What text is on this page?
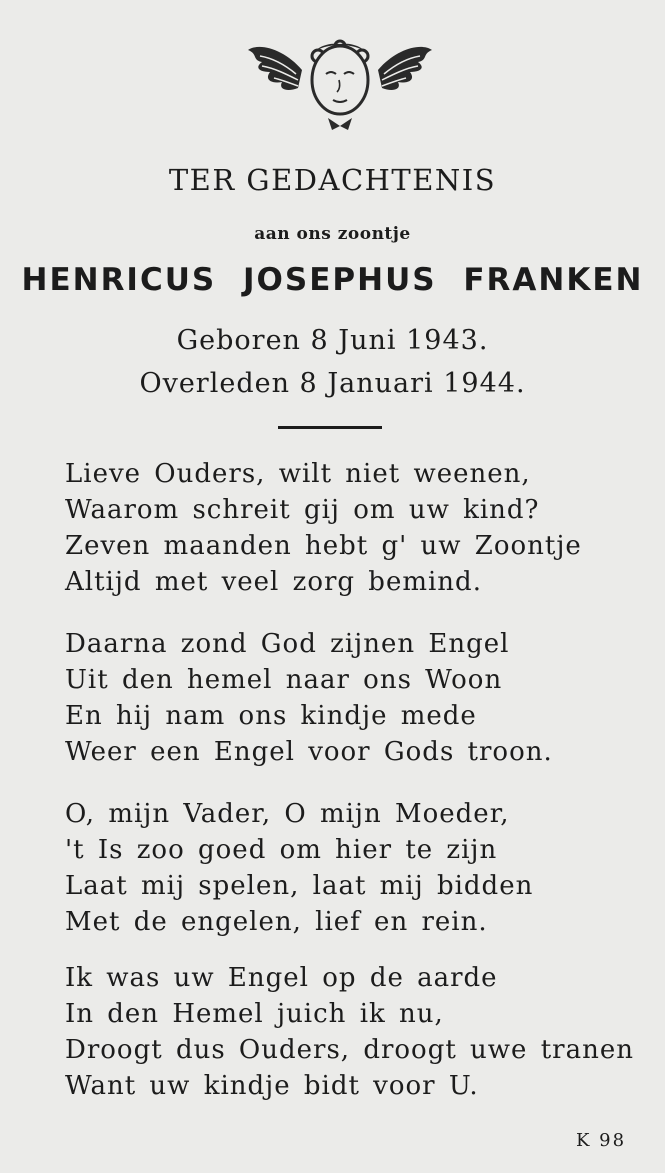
TER GEDACHTENIS
aan ons zoontje
HENRICUS JOSEPHUS FRANKEN
Geboren 8 Juni 1943.
Overleden 8 Januari 1944.
Lieve Ouders, wilt niet weenen,
Waarom schreit gij om uw kind?
Zeven maanden hebt g' uw Zoontje
Altijd met veel zorg bemind.
Daarna zond God zijnen Engel
Uit den hemel naar ons Woon
En hij nam ons kindje mede
Weer een Engel voor Gods troon.
O, mijn Vader, O mijn Moeder,
't Is zoo goed om hier te zijn
Laat mij spelen, laat mij bidden
Met de engelen, lief en rein.
Ik was uw Engel op de aarde
In den Hemel juich ik nu,
Droogt dus Ouders, droogt uwe tranen
Want uw kindje bidt voor U.
K 98
